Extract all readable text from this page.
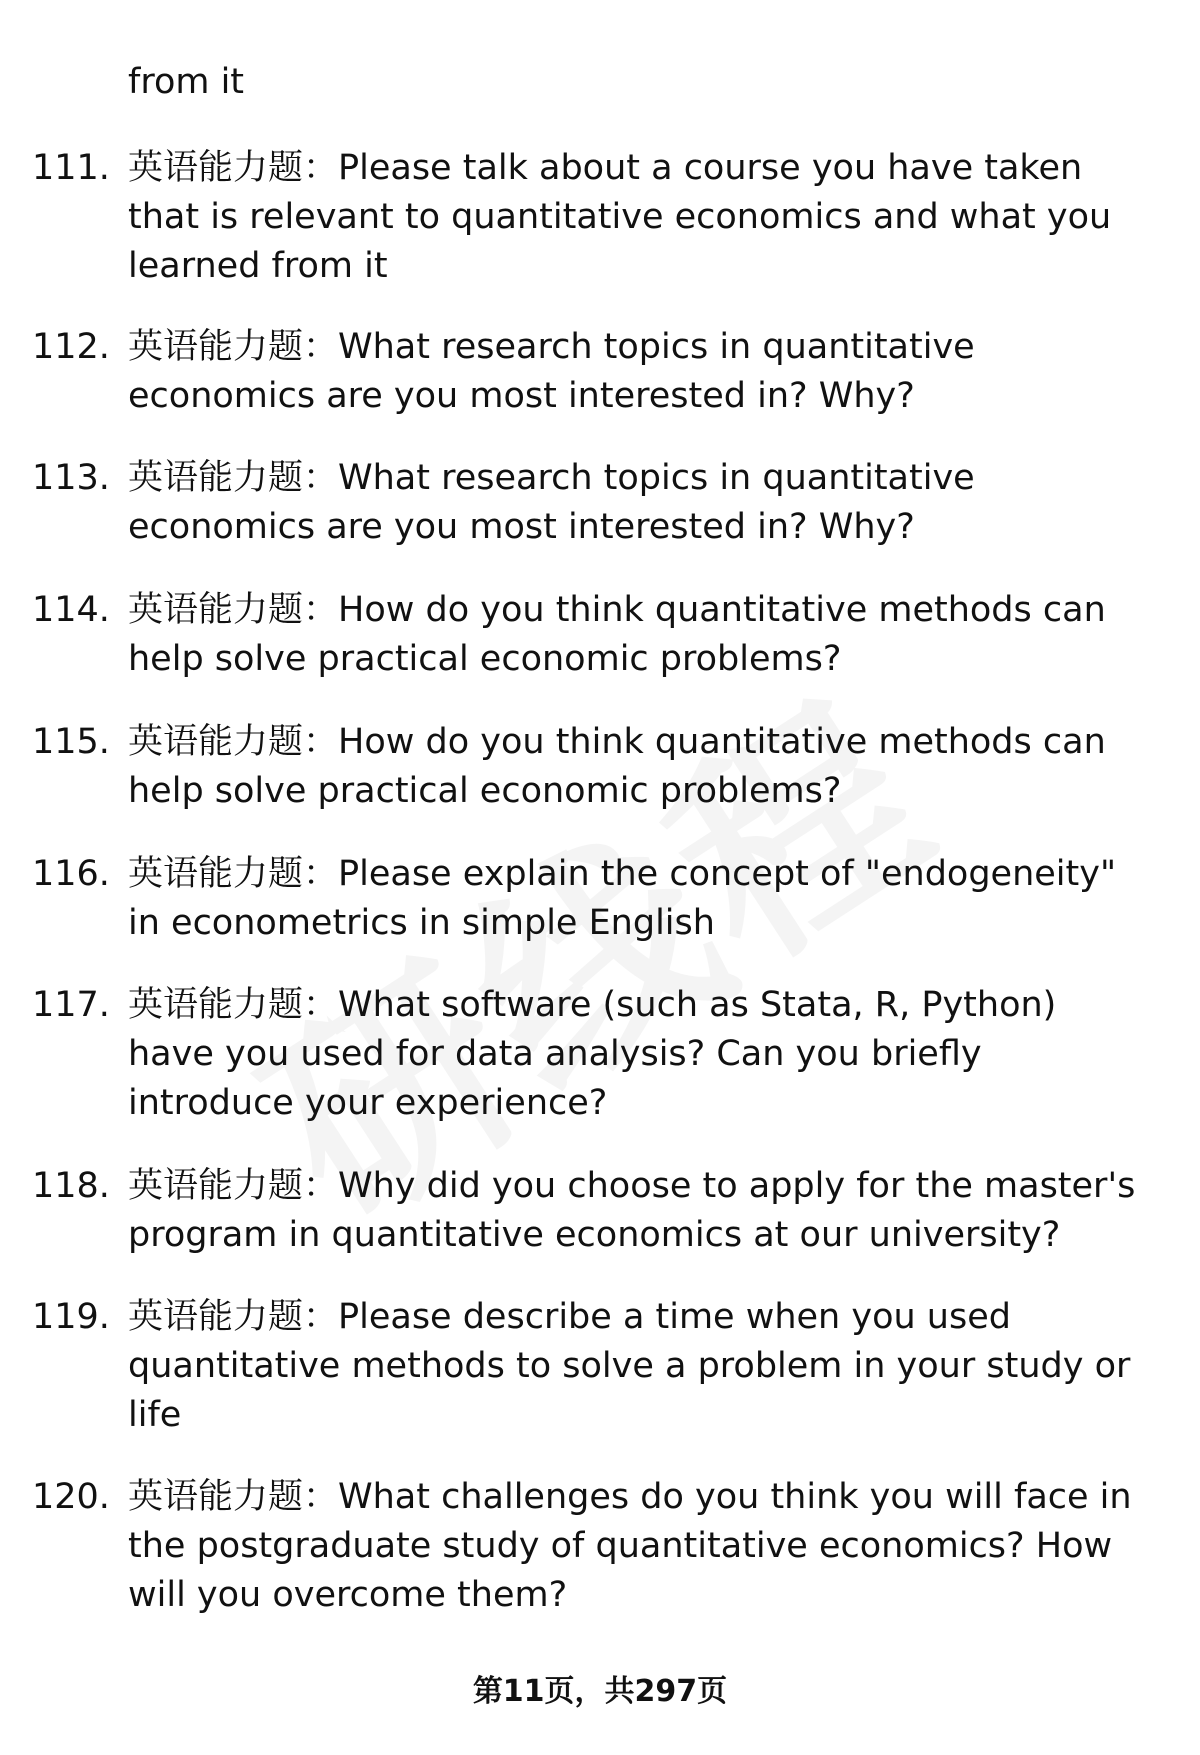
from it
111. 英语能力题：Please talk about a course you have taken that is relevant to quantitative economics and what you learned from it
112. 英语能力题：What research topics in quantitative economics are you most interested in? Why?
113. 英语能力题：What research topics in quantitative economics are you most interested in? Why?
114. 英语能力题：How do you think quantitative methods can help solve practical economic problems?
115. 英语能力题：How do you think quantitative methods can help solve practical economic problems?
116. 英语能力题：Please explain the concept of "endogeneity" in econometrics in simple English
117. 英语能力题：What software (such as Stata, R, Python) have you used for data analysis? Can you briefly introduce your experience?
118. 英语能力题：Why did you choose to apply for the master's program in quantitative economics at our university?
119. 英语能力题：Please describe a time when you used quantitative methods to solve a problem in your study or life
120. 英语能力题：What challenges do you think you will face in the postgraduate study of quantitative economics? How will you overcome them?
第11页，共297页
